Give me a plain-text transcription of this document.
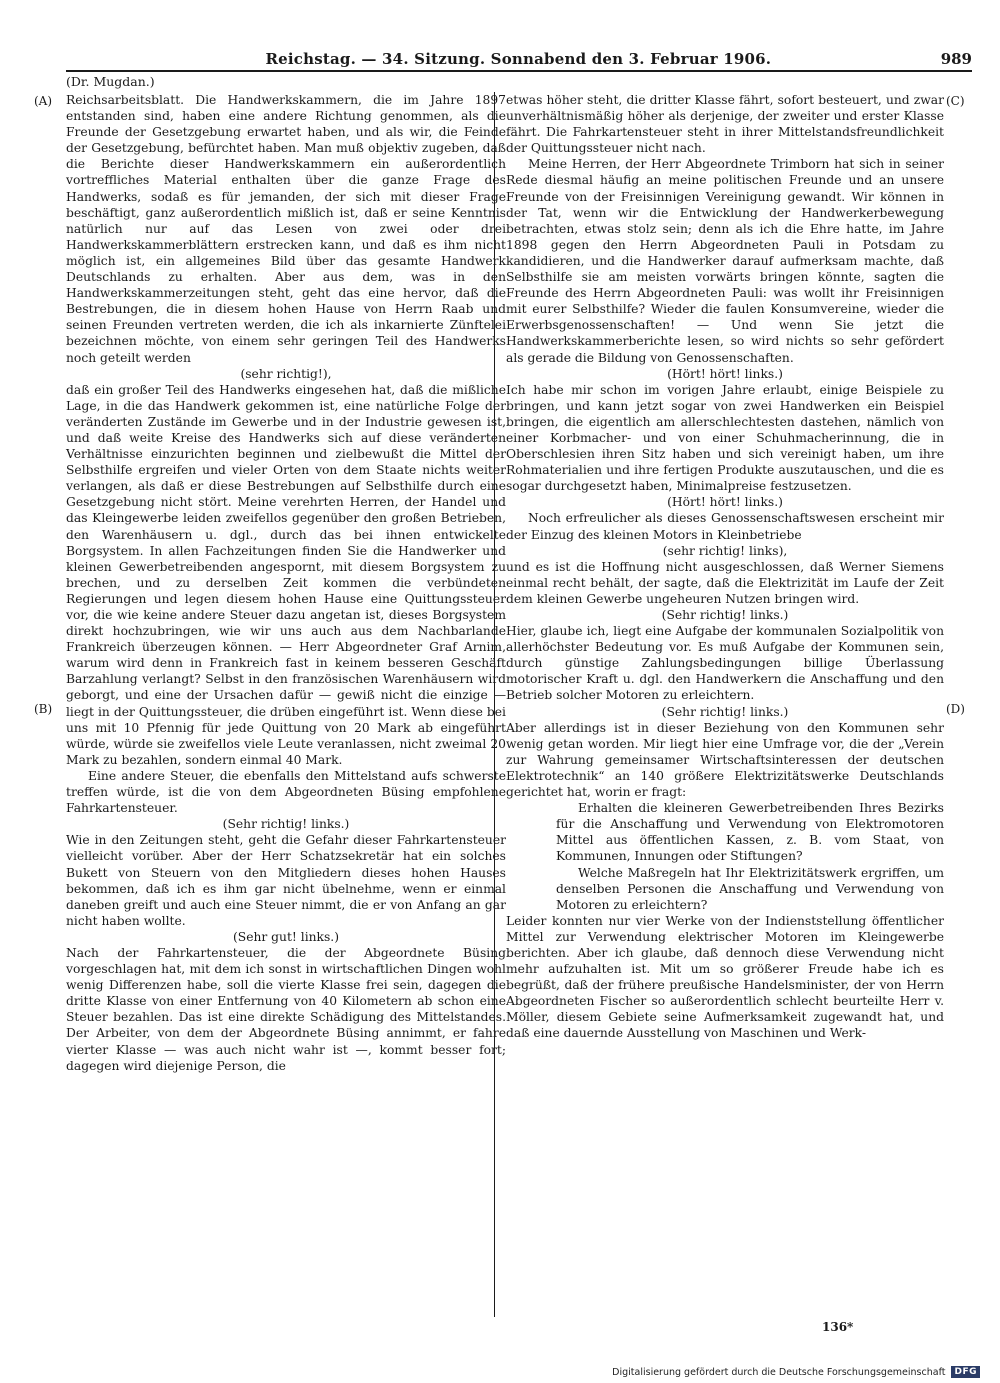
Reichstag. — 34. Sitzung. Sonnabend den 3. Februar 1906.	989
(Dr. Mugdan.)
(A)
(B)
(C)
(D)

Reichsarbeitsblatt. Die Handwerkskammern, die im Jahre 1897 entstanden sind, haben eine andere Richtung genommen, als die Freunde der Gesetzgebung erwartet haben, und als wir, die Feinde der Gesetzgebung, befürchtet haben. Man muß objektiv zugeben, daß die Berichte dieser Handwerkskammern ein außerordentlich vortreffliches Material enthalten über die ganze Frage des Handwerks, sodaß es für jemanden, der sich mit dieser Frage beschäftigt, ganz außerordentlich mißlich ist, daß er seine Kenntnis natürlich nur auf das Lesen von zwei oder drei Handwerkskammerblättern erstrecken kann, und daß es ihm nicht möglich ist, ein allgemeines Bild über das gesamte Handwerk Deutschlands zu erhalten. Aber aus dem, was in den Handwerkskammerzeitungen steht, geht das eine hervor, daß die Bestrebungen, die in diesem hohen Hause von Herrn Raab und seinen Freunden vertreten werden, die ich als inkarnierte Zünftelei bezeichnen möchte, von einem sehr geringen Teil des Handwerks noch geteilt werden

(sehr richtig!),

daß ein großer Teil des Handwerks eingesehen hat, daß die mißliche Lage, in die das Handwerk gekommen ist, eine natürliche Folge der veränderten Zustände im Gewerbe und in der Industrie gewesen ist, und daß weite Kreise des Handwerks sich auf diese veränderten Verhältnisse einzurichten beginnen und zielbewußt die Mittel der Selbsthilfe ergreifen und vieler Orten von dem Staate nichts weiter verlangen, als daß er diese Bestrebungen auf Selbsthilfe durch eine Gesetzgebung nicht stört. Meine verehrten Herren, der Handel und das Kleingewerbe leiden zweifellos gegenüber den großen Betrieben, den Warenhäusern u. dgl., durch das bei ihnen entwickelte Borgsystem. In allen Fachzeitungen finden Sie die Handwerker und kleinen Gewerbetreibenden angespornt, mit diesem Borgsystem zu brechen, und zu derselben Zeit kommen die verbündeten Regierungen und legen diesem hohen Hause eine Quittungssteuer vor, die wie keine andere Steuer dazu angetan ist, dieses Borgsystem direkt hochzubringen, wie wir uns auch aus dem Nachbarlande Frankreich überzeugen können. — Herr Abgeordneter Graf Arnim, warum wird denn in Frankreich fast in keinem besseren Geschäft Barzahlung verlangt? Selbst in den französischen Warenhäusern wird geborgt, und eine der Ursachen dafür — gewiß nicht die einzige — liegt in der Quittungssteuer, die drüben eingeführt ist. Wenn diese bei uns mit 10 Pfennig für jede Quittung von 20 Mark ab eingeführt würde, würde sie zweifellos viele Leute veranlassen, nicht zweimal 20 Mark zu bezahlen, sondern einmal 40 Mark.

Eine andere Steuer, die ebenfalls den Mittelstand aufs schwerste treffen würde, ist die von dem Abgeordneten Büsing empfohlene Fahrkartensteuer.

(Sehr richtig! links.)

Wie in den Zeitungen steht, geht die Gefahr dieser Fahrkartensteuer vielleicht vorüber. Aber der Herr Schatzsekretär hat ein solches Bukett von Steuern von den Mitgliedern dieses hohen Hauses bekommen, daß ich es ihm gar nicht übelnehme, wenn er einmal daneben greift und auch eine Steuer nimmt, die er von Anfang an gar nicht haben wollte.

(Sehr gut! links.)

Nach der Fahrkartensteuer, die der Abgeordnete Büsing vorgeschlagen hat, mit dem ich sonst in wirtschaftlichen Dingen wohl wenig Differenzen habe, soll die vierte Klasse frei sein, dagegen die dritte Klasse von einer Entfernung von 40 Kilometern ab schon eine Steuer bezahlen. Das ist eine direkte Schädigung des Mittelstandes. Der Arbeiter, von dem der Abgeordnete Büsing annimmt, er fahre vierter Klasse — was auch nicht wahr ist —, kommt besser fort; dagegen wird diejenige Person, die

etwas höher steht, die dritter Klasse fährt, sofort besteuert, und zwar unverhältnismäßig höher als derjenige, der zweiter und erster Klasse fährt. Die Fahrkartensteuer steht in ihrer Mittelstandsfreundlichkeit der Quittungssteuer nicht nach.

Meine Herren, der Herr Abgeordnete Trimborn hat sich in seiner Rede diesmal häufig an meine politischen Freunde und an unsere Freunde von der Freisinnigen Vereinigung gewandt. Wir können in der Tat, wenn wir die Entwicklung der Handwerkerbewegung betrachten, etwas stolz sein; denn als ich die Ehre hatte, im Jahre 1898 gegen den Herrn Abgeordneten Pauli in Potsdam zu kandidieren, und die Handwerker darauf aufmerksam machte, daß Selbsthilfe sie am meisten vorwärts bringen könnte, sagten die Freunde des Herrn Abgeordneten Pauli: was wollt ihr Freisinnigen mit eurer Selbsthilfe? Wieder die faulen Konsumvereine, wieder die Erwerbsgenossenschaften! — Und wenn Sie jetzt die Handwerkskammerberichte lesen, so wird nichts so sehr gefördert als gerade die Bildung von Genossenschaften.

(Hört! hört! links.)

Ich habe mir schon im vorigen Jahre erlaubt, einige Beispiele zu bringen, und kann jetzt sogar von zwei Handwerken ein Beispiel bringen, die eigentlich am allerschlechtesten dastehen, nämlich von einer Korbmacher- und von einer Schuhmacherinnung, die in Oberschlesien ihren Sitz haben und sich vereinigt haben, um ihre Rohmaterialien und ihre fertigen Produkte auszutauschen, und die es sogar durchgesetzt haben, Minimalpreise festzusetzen.

(Hört! hört! links.)

Noch erfreulicher als dieses Genossenschaftswesen erscheint mir der Einzug des kleinen Motors in Kleinbetriebe

(sehr richtig! links),

und es ist die Hoffnung nicht ausgeschlossen, daß Werner Siemens einmal recht behält, der sagte, daß die Elektrizität im Laufe der Zeit dem kleinen Gewerbe ungeheuren Nutzen bringen wird.

(Sehr richtig! links.)

Hier, glaube ich, liegt eine Aufgabe der kommunalen Sozialpolitik von allerhöchster Bedeutung vor. Es muß Aufgabe der Kommunen sein, durch günstige Zahlungsbedingungen billige Überlassung motorischer Kraft u. dgl. den Handwerkern die Anschaffung und den Betrieb solcher Motoren zu erleichtern.

(Sehr richtig! links.)

Aber allerdings ist in dieser Beziehung von den Kommunen sehr wenig getan worden. Mir liegt hier eine Umfrage vor, die der „Verein zur Wahrung gemeinsamer Wirtschaftsinteressen der deutschen Elektrotechnik“ an 140 größere Elektrizitätswerke Deutschlands gerichtet hat, worin er fragt:

Erhalten die kleineren Gewerbetreibenden Ihres Bezirks für die Anschaffung und Verwendung von Elektromotoren Mittel aus öffentlichen Kassen, z. B. vom Staat, von Kommunen, Innungen oder Stiftungen?

Welche Maßregeln hat Ihr Elektrizitätswerk ergriffen, um denselben Personen die Anschaffung und Verwendung von Motoren zu erleichtern?

Leider konnten nur vier Werke von der Indienststellung öffentlicher Mittel zur Verwendung elektrischer Motoren im Kleingewerbe berichten. Aber ich glaube, daß dennoch diese Verwendung nicht mehr aufzuhalten ist. Mit um so größerer Freude habe ich es begrüßt, daß der frühere preußische Handelsminister, der von Herrn Abgeordneten Fischer so außerordentlich schlecht beurteilte Herr v. Möller, diesem Gebiete seine Aufmerksamkeit zugewandt hat, und daß eine dauernde Ausstellung von Maschinen und Werk-

136*
Digitalisierung gefördert durch die Deutsche Forschungsgemeinschaft	DFG
